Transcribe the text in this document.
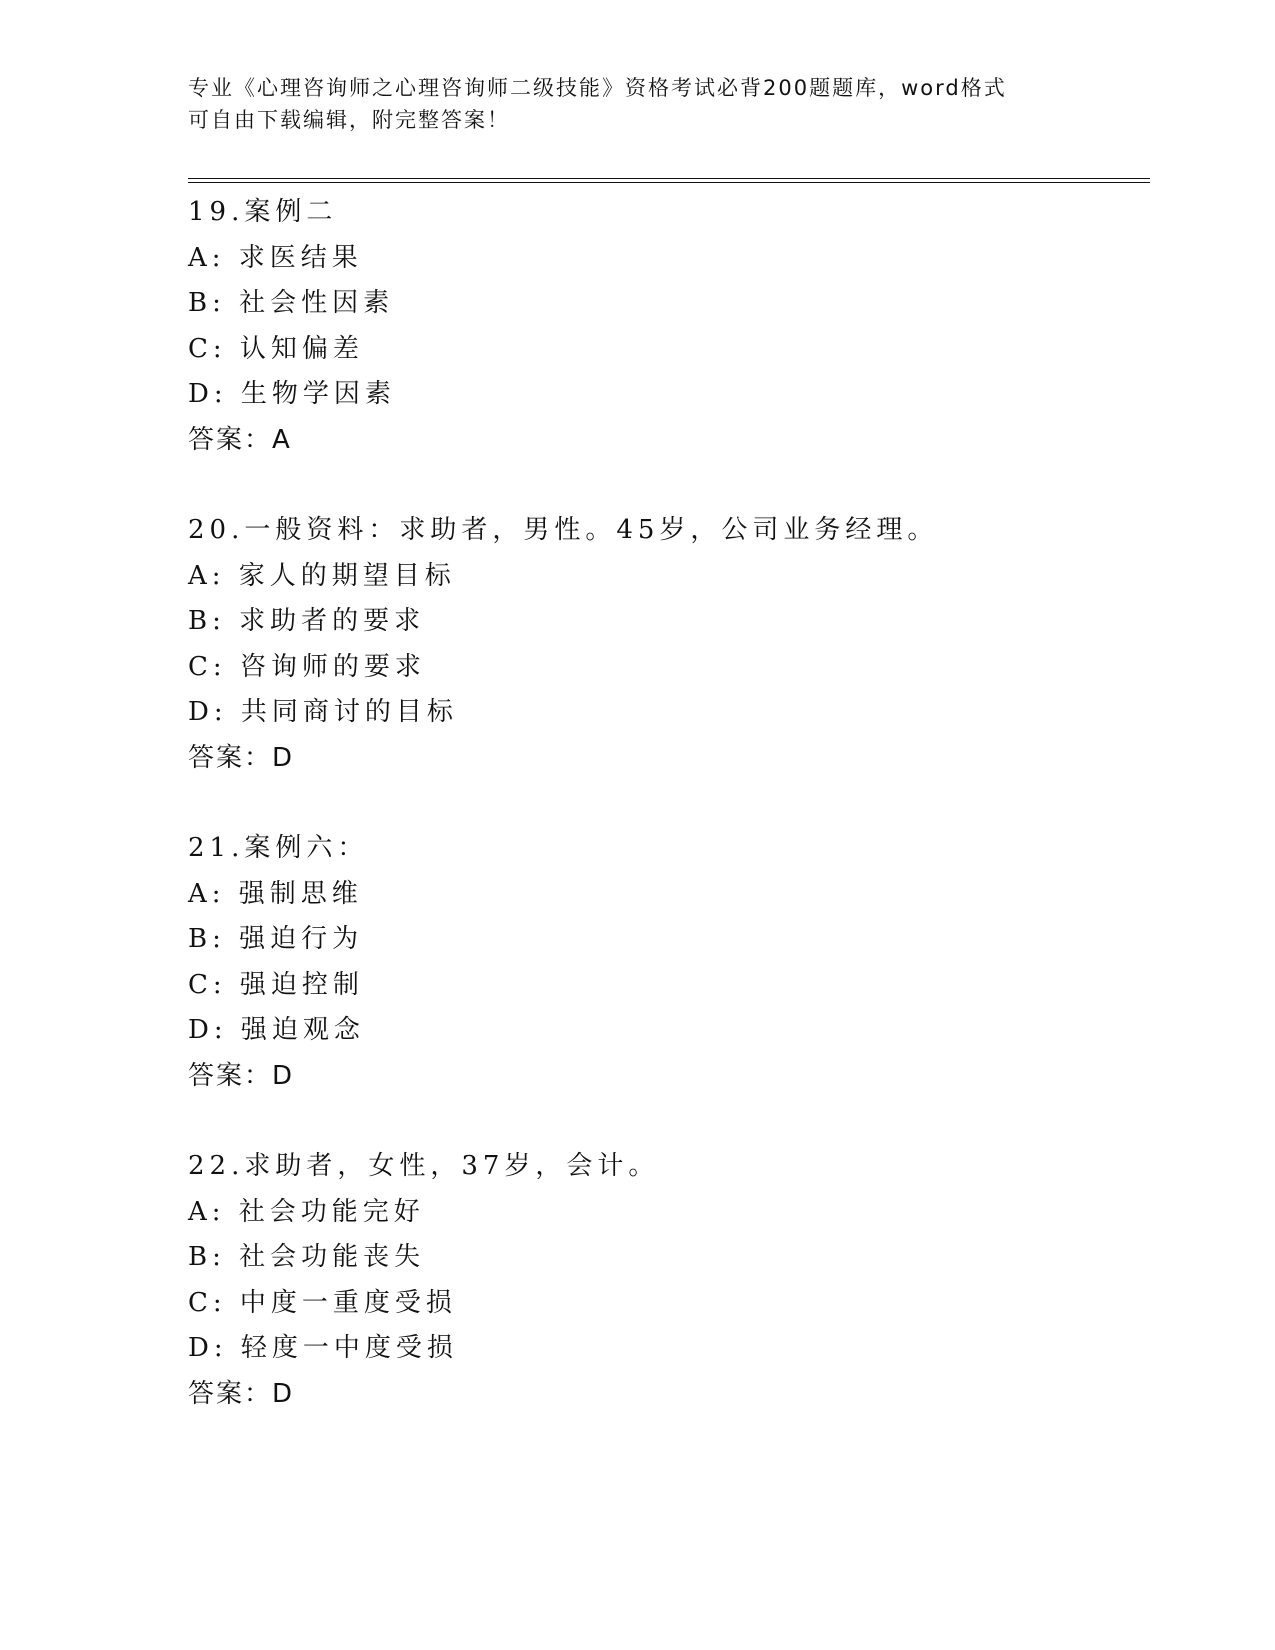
专业《心理咨询师之心理咨询师二级技能》资格考试必背200题题库，word格式
可自由下载编辑，附完整答案！
19.案例二
A: 求医结果
B: 社会性因素
C: 认知偏差
D: 生物学因素
答案：A
20.一般资料：求助者，男性。45岁，公司业务经理。
A: 家人的期望目标
B: 求助者的要求
C: 咨询师的要求
D: 共同商讨的目标
答案：D
21.案例六：
A: 强制思维
B: 强迫行为
C: 强迫控制
D: 强迫观念
答案：D
22.求助者，女性，37岁，会计。
A: 社会功能完好
B: 社会功能丧失
C: 中度一重度受损
D: 轻度一中度受损
答案：D
